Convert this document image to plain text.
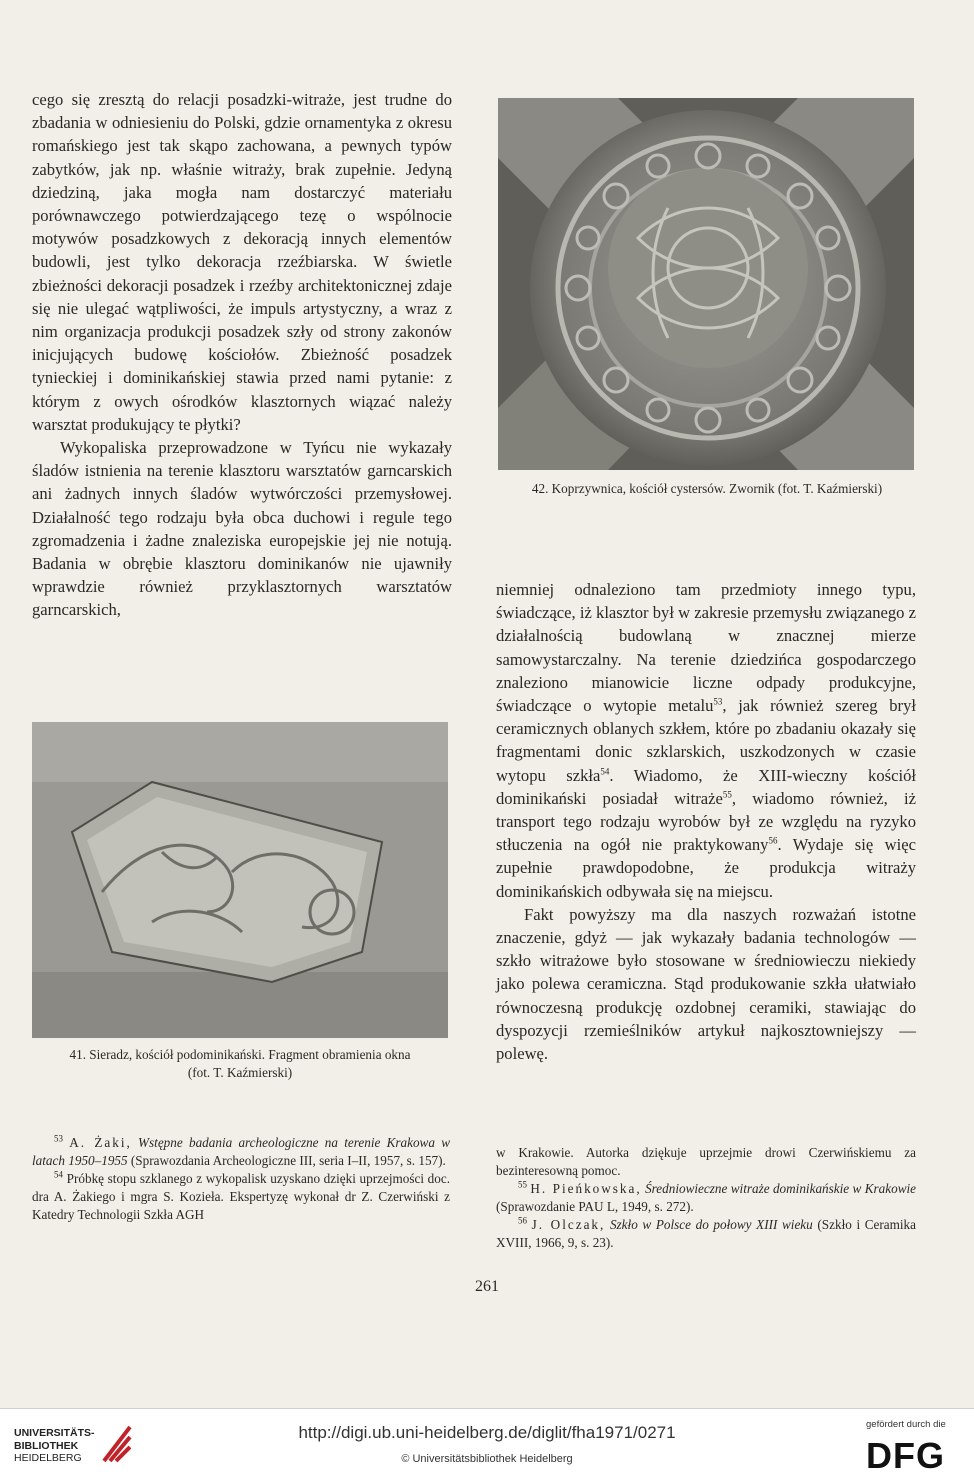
cego się zresztą do relacji posadzki-witraże, jest trudne do zbadania w odniesieniu do Polski, gdzie ornamentyka z okresu romańskiego jest tak skąpo zachowana, a pewnych typów zabytków, jak np. właśnie witraży, brak zupełnie. Jedyną dziedziną, jaka mogła nam dostarczyć materiału porównawczego potwierdzającego tezę o wspólnocie motywów posadzkowych z dekoracją innych elementów budowli, jest tylko dekoracja rzeźbiarska. W świetle zbieżności dekoracji posadzek i rzeźby architektonicznej zdaje się nie ulegać wątpliwości, że impuls artystyczny, a wraz z nim organizacja produkcji posadzek szły od strony zakonów inicjujących budowę kościołów. Zbieżność posadzek tynieckiej i dominikańskiej stawia przed nami pytanie: z którym z owych ośrodków klasztornych wiązać należy warsztat produkujący te płytki?

Wykopaliska przeprowadzone w Tyńcu nie wykazały śladów istnienia na terenie klasztoru warsztatów garncarskich ani żadnych innych śladów wytwórczości przemysłowej. Działalność tego rodzaju była obca duchowi i regule tego zgromadzenia i żadne znaleziska europejskie jej nie notują. Badania w obrębie klasztoru dominikanów nie ujawniły wprawdzie również przyklasztornych warsztatów garncarskich,

42. Koprzywnica, kościół cystersów. Zwornik (fot. T. Kaźmierski)

niemniej odnaleziono tam przedmioty innego typu, świadczące, iż klasztor był w zakresie przemysłu związanego z działalnością budowlaną w znacznej mierze samowystarczalny. Na terenie dziedzińca gospodarczego znaleziono mianowicie liczne odpady produkcyjne, świadczące o wytopie metalu$^{53}$, jak również szereg brył ceramicznych oblanych szkłem, które po zbadaniu okazały się fragmentami donic szklarskich, uszkodzonych w czasie wytopu szkła$^{54}$. Wiadomo, że XIII-wieczny kościół dominikański posiadał witraże$^{55}$, wiadomo również, iż transport tego rodzaju wyrobów był ze względu na ryzyko stłuczenia na ogół nie praktykowany$^{56}$. Wydaje się więc zupełnie prawdopodobne, że produkcja witraży dominikańskich odbywała się na miejscu.

Fakt powyższy ma dla naszych rozważań istotne znaczenie, gdyż — jak wykazały badania technologów — szkło witrażowe było stosowane w średniowieczu niekiedy jako polewa ceramiczna. Stąd produkowanie szkła ułatwiało równoczesną produkcję ozdobnej ceramiki, stawiając do dyspozycji rzemieślników artykuł najkosztowniejszy — polewę.

41. Sieradz, kościół podominikański. Fragment obramienia okna
(fot. T. Kaźmierski)

$^{53}$ A. Żaki, Wstępne badania archeologiczne na terenie Krakowa w latach 1950–1955 (Sprawozdania Archeologiczne III, seria I–II, 1957, s. 157).

$^{54}$ Próbkę stopu szklanego z wykopalisk uzyskano dzięki uprzejmości doc. dra A. Żakiego i mgra S. Kozieła. Ekspertyzę wykonał dr Z. Czerwiński z Katedry Technologii Szkła AGH

w Krakowie. Autorka dziękuje uprzejmie drowi Czerwińskiemu za bezinteresowną pomoc.

$^{55}$ H. Pieńkowska, Średniowieczne witraże dominikańskie w Krakowie (Sprawozdanie PAU L, 1949, s. 272).

$^{56}$ J. Olczak, Szkło w Polsce do połowy XIII wieku (Szkło i Ceramika XVIII, 1966, 9, s. 23).

261
UNIVERSITÄTS-
BIBLIOTHEK
HEIDELBERG
http://digi.ub.uni-heidelberg.de/diglit/fha1971/0271
© Universitätsbibliothek Heidelberg
gefördert durch die
DFG
